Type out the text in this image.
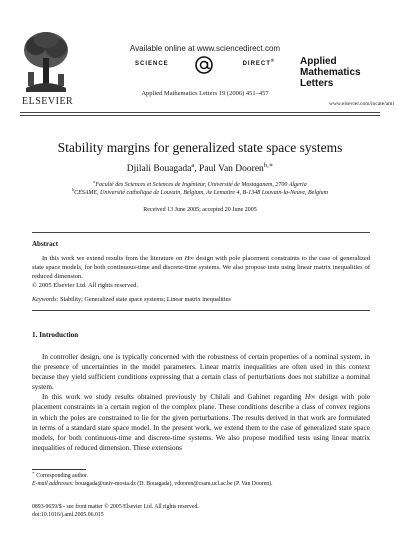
ELSEVIER
Available online at www.sciencedirect.com
SCIENCE	DIRECT®
Applied Mathematics Letters 19 (2006) 451–457
Applied
Mathematics
Letters
www.elsevier.com/locate/aml
Stability margins for generalized state space systems
Djilali Bouagada$^a$, Paul Van Dooren$^{b,∗}$
$^a$Faculté des Sciences et Sciences de Ingénieur, Université de Mostaganem, 2700 Algeria
$^b$CESAME, Université catholique de Louvain, Belgium, Av Lemaitre 4, B-1348 Louvain-la-Neuve, Belgium
Received 13 June 2005; accepted 20 June 2005
Abstract

In this work we extend results from the literature on H∞ design with pole placement constraints to the case of generalized state space models, for both continuous-time and discrete-time systems. We also propose tests using linear matrix inequalities of reduced dimension.

© 2005 Elsevier Ltd. All rights reserved.

Keywords: Stability; Generalized state space systems; Linear matrix inequalities
1. Introduction

In controller design, one is typically concerned with the robustness of certain properties of a nominal system, in the presence of uncertainties in the model parameters. Linear matrix inequalities are often used in this context because they yield sufficient conditions expressing that a certain class of perturbations does not stabilize a nominal system.

In this work we study results obtained previously by Chilali and Gahinet regarding H∞ design with pole placement constraints in a certain region of the complex plane. These conditions describe a class of convex regions in which the poles are constrained to lie for the given perturbations. The results derived in that work are formulated in terms of a standard state space model. In the present work, we extend them to the case of generalized state space models, for both continuous-time and discrete-time systems. We also propose modified tests using linear matrix inequalities of reduced dimension. These extensions

∗ Corresponding author.
E-mail addresses: bouagada@univ-mosta.dz (D. Bouagada), vdooren@csam.ucl.ac.be (P. Van Dooren).
0893-9659/$ - see front matter © 2005 Elsevier Ltd. All rights reserved.
doi:10.1016/j.aml.2005.06.015
